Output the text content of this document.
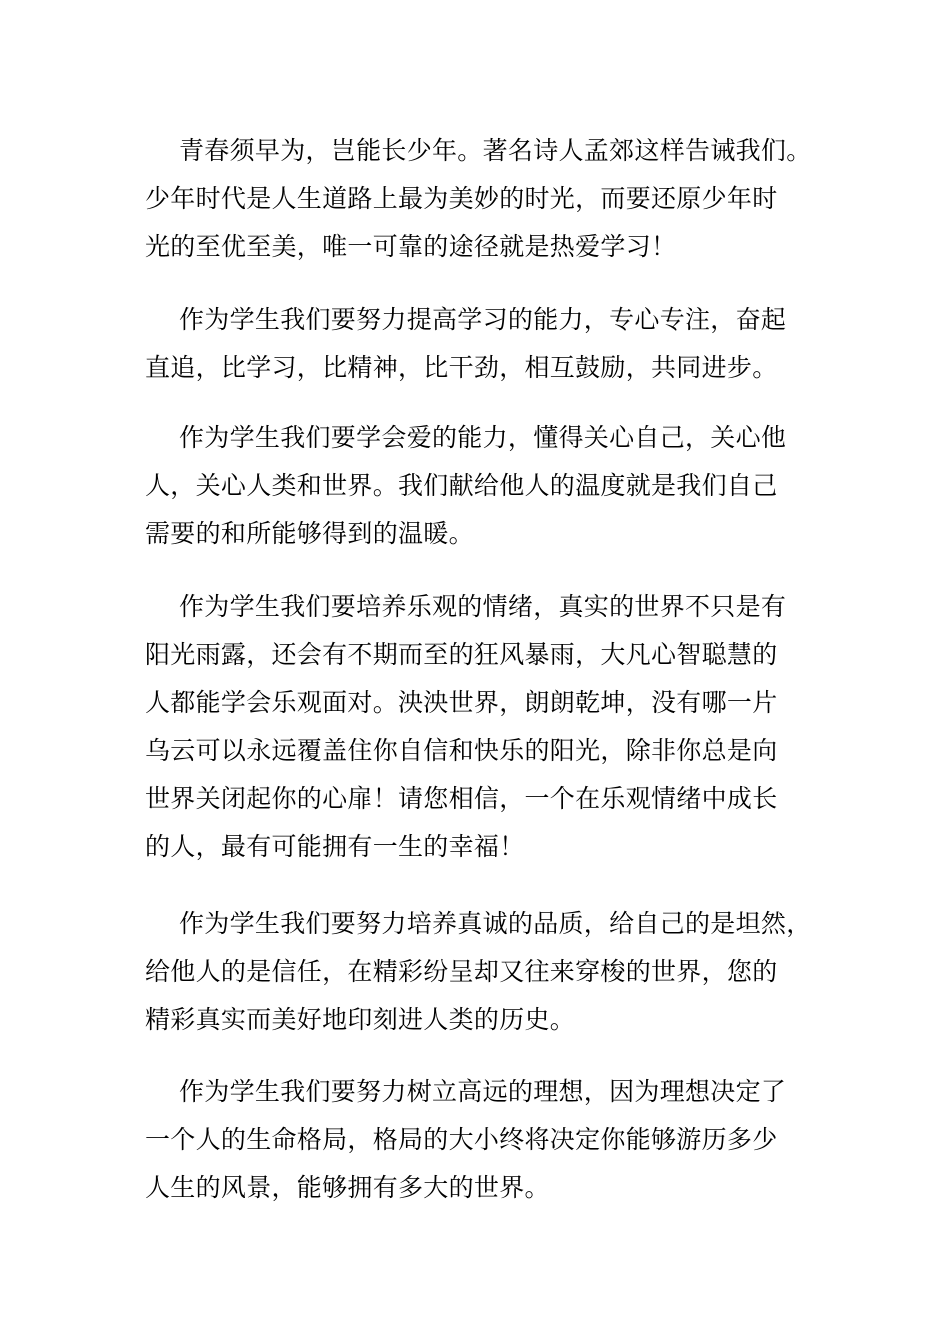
青春须早为，岂能长少年。著名诗人孟郊这样告诫我们。
少年时代是人生道路上最为美妙的时光，而要还原少年时
光的至优至美，唯一可靠的途径就是热爱学习！

作为学生我们要努力提高学习的能力，专心专注，奋起
直追，比学习，比精神，比干劲，相互鼓励，共同进步。

作为学生我们要学会爱的能力，懂得关心自己，关心他
人，关心人类和世界。我们献给他人的温度就是我们自己
需要的和所能够得到的温暖。

作为学生我们要培养乐观的情绪，真实的世界不只是有
阳光雨露，还会有不期而至的狂风暴雨，大凡心智聪慧的
人都能学会乐观面对。泱泱世界，朗朗乾坤，没有哪一片
乌云可以永远覆盖住你自信和快乐的阳光，除非你总是向
世界关闭起你的心扉！请您相信，一个在乐观情绪中成长
的人，最有可能拥有一生的幸福！

作为学生我们要努力培养真诚的品质，给自己的是坦然，
给他人的是信任，在精彩纷呈却又往来穿梭的世界，您的
精彩真实而美好地印刻进人类的历史。

作为学生我们要努力树立高远的理想，因为理想决定了
一个人的生命格局，格局的大小终将决定你能够游历多少
人生的风景，能够拥有多大的世界。
